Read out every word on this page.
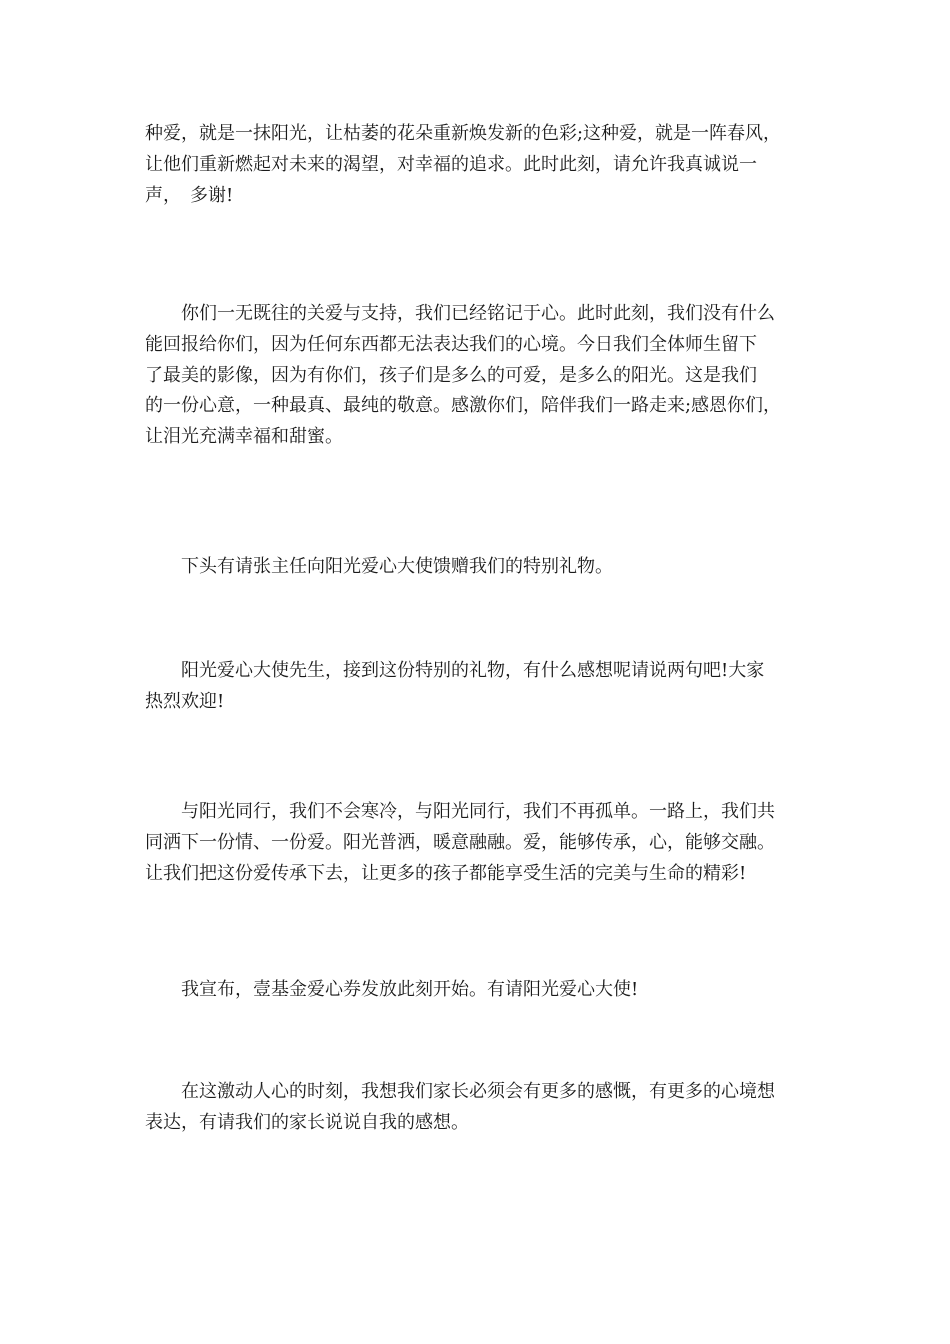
种爱，就是一抹阳光，让枯萎的花朵重新焕发新的色彩;这种爱，就是一阵春风，
让他们重新燃起对未来的渴望，对幸福的追求。此时此刻，请允许我真诚说一
声，　多谢!

　　你们一无既往的关爱与支持，我们已经铭记于心。此时此刻，我们没有什么
能回报给你们，因为任何东西都无法表达我们的心境。今日我们全体师生留下
了最美的影像，因为有你们，孩子们是多么的可爱，是多么的阳光。这是我们
的一份心意，一种最真、最纯的敬意。感激你们，陪伴我们一路走来;感恩你们，
让泪光充满幸福和甜蜜。

　　下头有请张主任向阳光爱心大使馈赠我们的特别礼物。

　　阳光爱心大使先生，接到这份特别的礼物，有什么感想呢请说两句吧!大家
热烈欢迎!

　　与阳光同行，我们不会寒冷，与阳光同行，我们不再孤单。一路上，我们共
同洒下一份情、一份爱。阳光普洒，暖意融融。爱，能够传承，心，能够交融。
让我们把这份爱传承下去，让更多的孩子都能享受生活的完美与生命的精彩!

　　我宣布，壹基金爱心券发放此刻开始。有请阳光爱心大使!

　　在这激动人心的时刻，我想我们家长必须会有更多的感慨，有更多的心境想
表达，有请我们的家长说说自我的感想。
